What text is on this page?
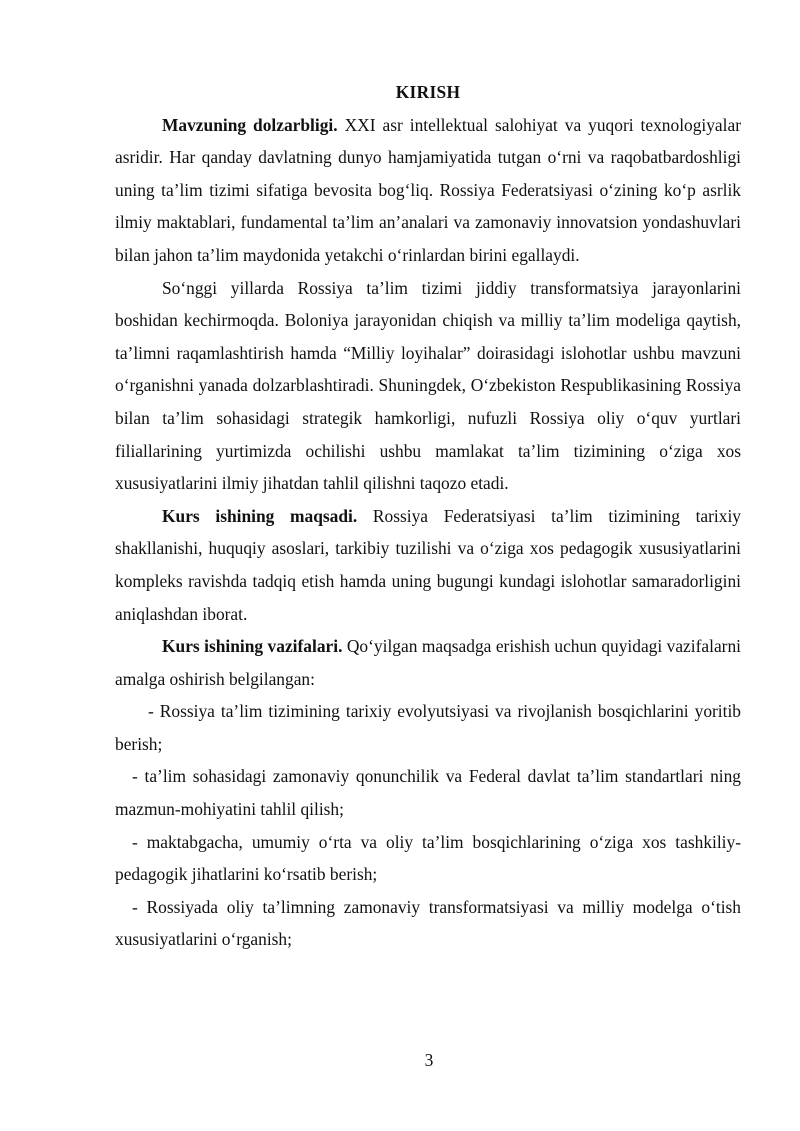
KIRISH

Mavzuning dolzarbligi. XXI asr intellektual salohiyat va yuqori texnologiyalar asridir. Har qanday davlatning dunyo hamjamiyatida tutgan o‘rni va raqobatbardoshligi uning ta’lim tizimi sifatiga bevosita bog‘liq. Rossiya Federatsiyasi o‘zining ko‘p asrlik ilmiy maktablari, fundamental ta’lim an’analari va zamonaviy innovatsion yondashuvlari bilan jahon ta’lim maydonida yetakchi o‘rinlardan birini egallaydi.

So‘nggi yillarda Rossiya ta’lim tizimi jiddiy transformatsiya jarayonlarini boshidan kechirmoqda. Boloniya jarayonidan chiqish va milliy ta’lim modeliga qaytish, ta’limni raqamlashtirish hamda “Milliy loyihalar” doirasidagi islohotlar ushbu mavzuni o‘rganishni yanada dolzarblashtiradi. Shuningdek, O‘zbekiston Respublikasining Rossiya bilan ta’lim sohasidagi strategik hamkorligi, nufuzli Rossiya oliy o‘quv yurtlari filiallarining yurtimizda ochilishi ushbu mamlakat ta’lim tizimining o‘ziga xos xususiyatlarini ilmiy jihatdan tahlil qilishni taqozo etadi.

Kurs ishining maqsadi. Rossiya Federatsiyasi ta’lim tizimining tarixiy shakllanishi, huquqiy asoslari, tarkibiy tuzilishi va o‘ziga xos pedagogik xususiyatlarini kompleks ravishda tadqiq etish hamda uning bugungi kundagi islohotlar samaradorligini aniqlashdan iborat.

Kurs ishining vazifalari. Qo‘yilgan maqsadga erishish uchun quyidagi vazifalarni amalga oshirish belgilangan:

- Rossiya ta’lim tizimining tarixiy evolyutsiyasi va rivojlanish bosqichlarini yoritib berish;

- ta’lim sohasidagi zamonaviy qonunchilik va Federal davlat ta’lim standartlari ning mazmun-mohiyatini tahlil qilish;

- maktabgacha, umumiy o‘rta va oliy ta’lim bosqichlarining o‘ziga xos tashkiliy-pedagogik jihatlarini ko‘rsatib berish;

- Rossiyada oliy ta’limning zamonaviy transformatsiyasi va milliy modelga o‘tish xususiyatlarini o‘rganish;

3
